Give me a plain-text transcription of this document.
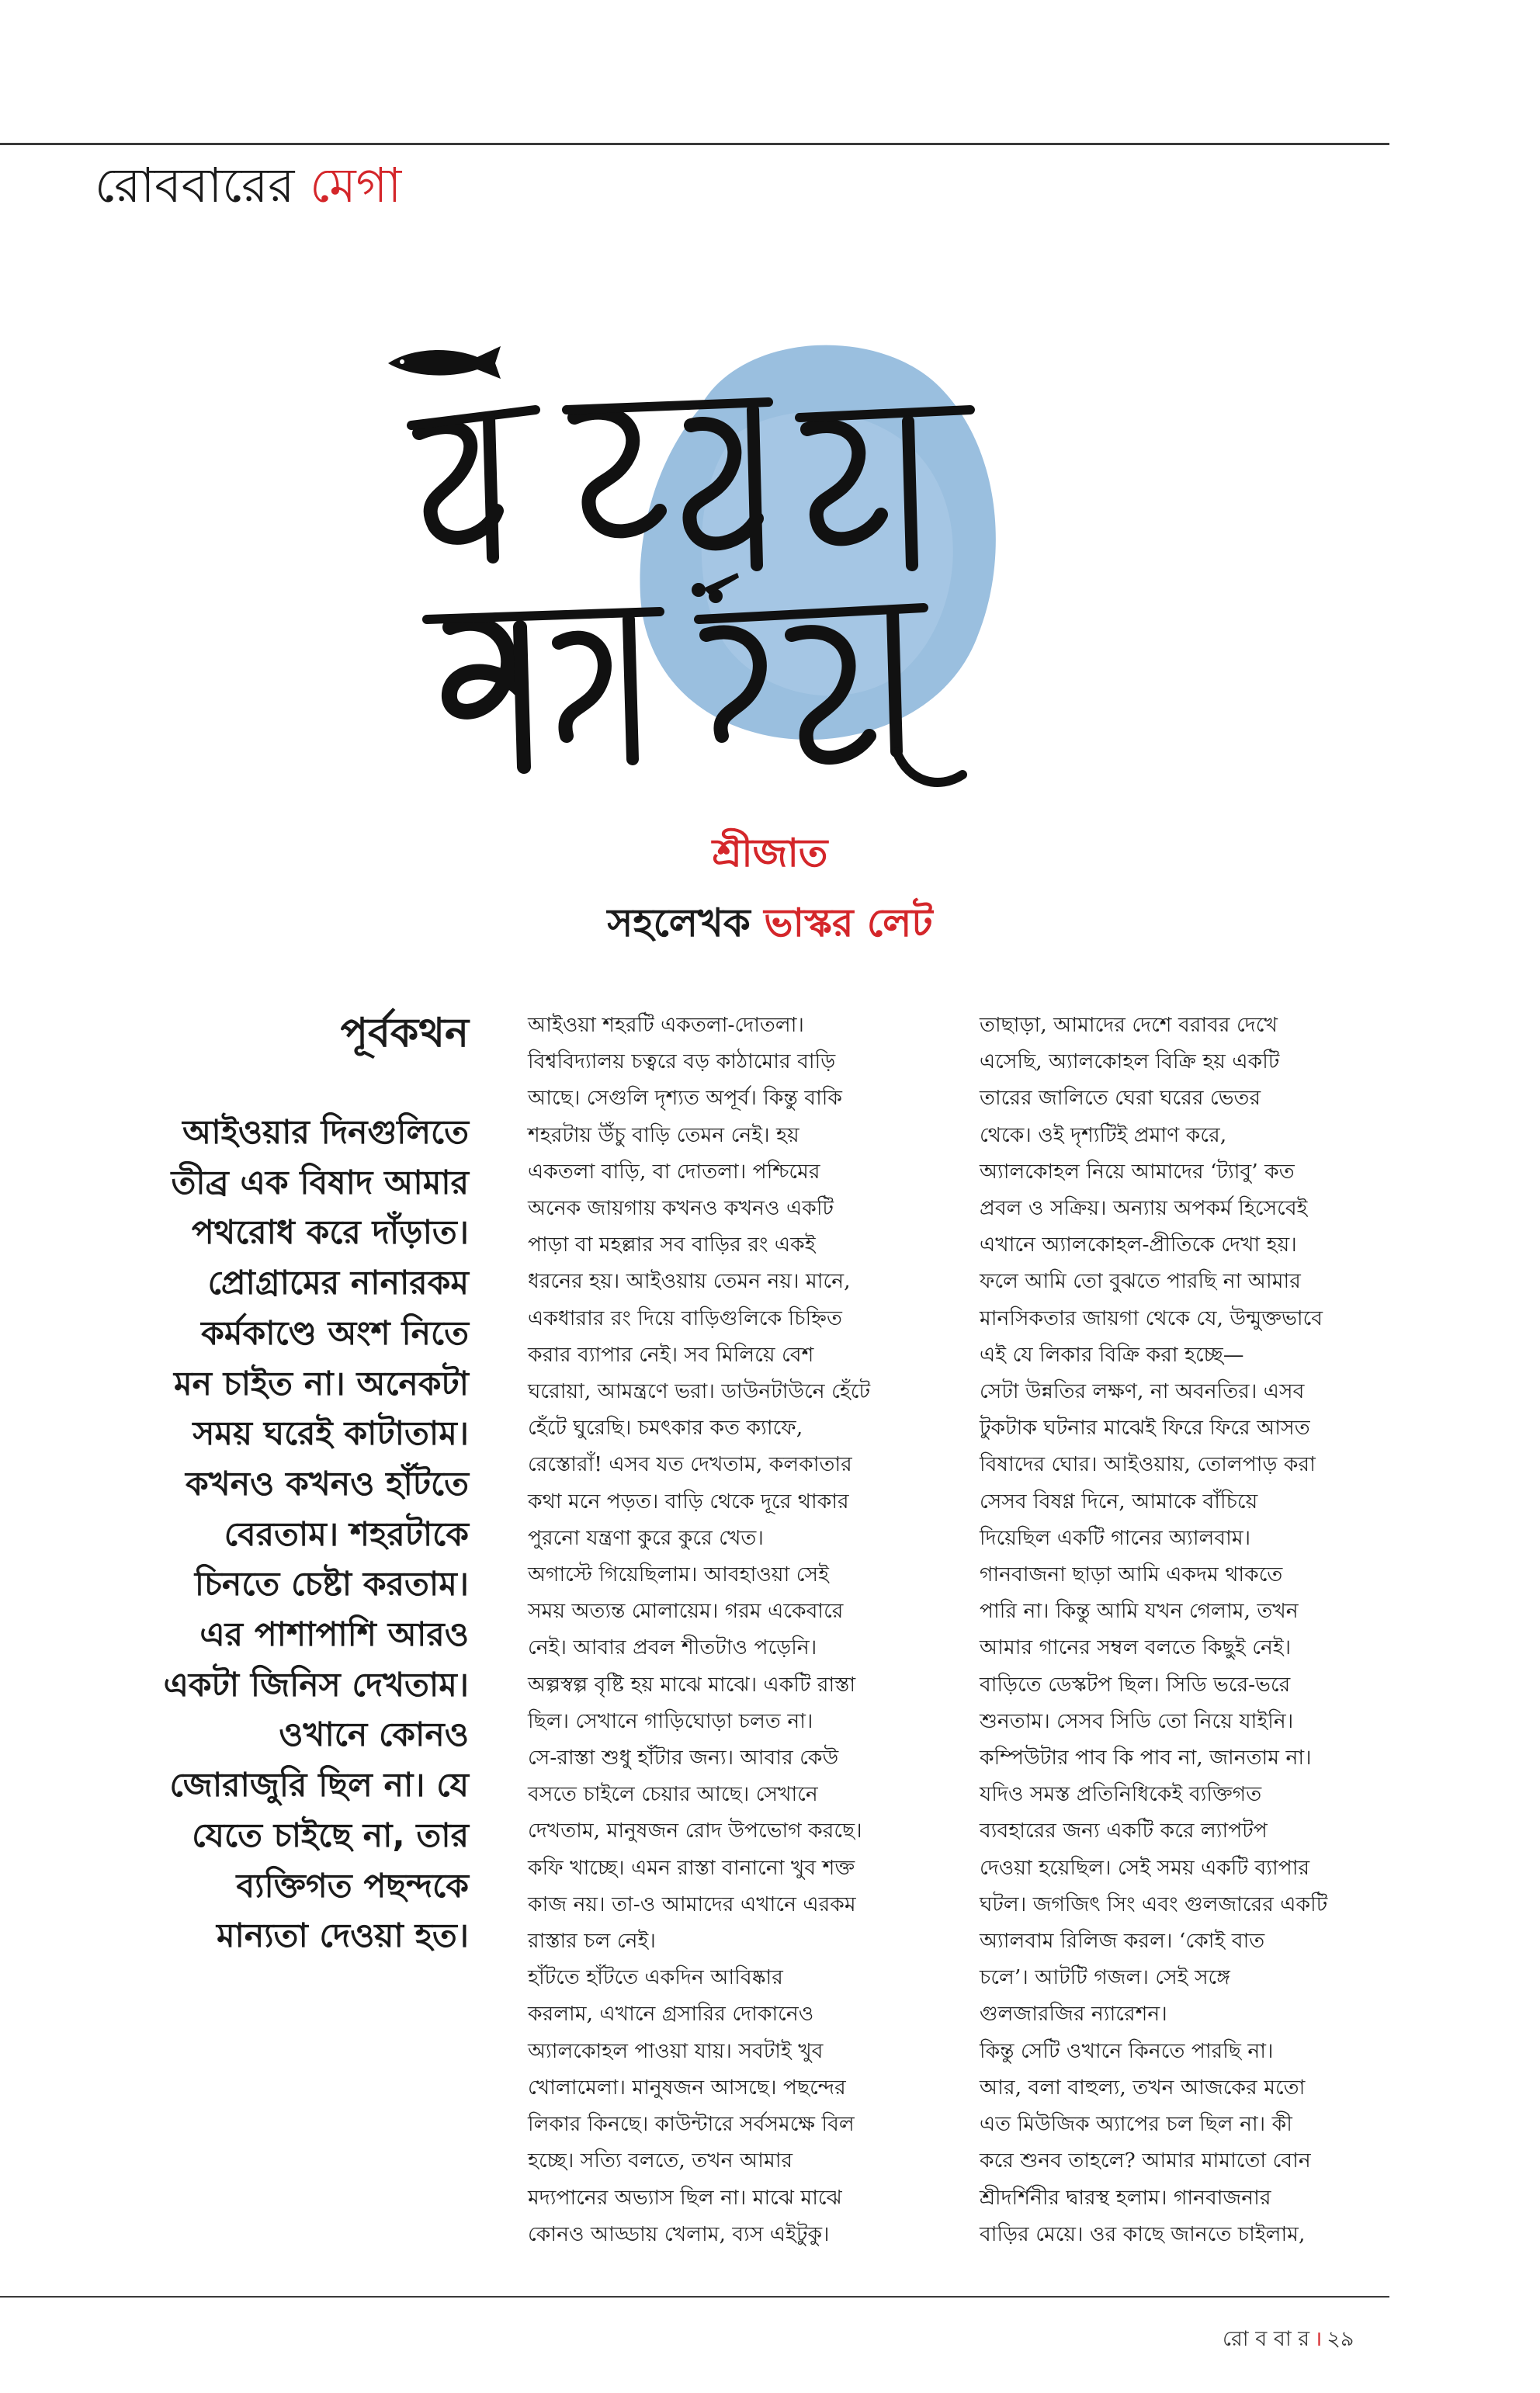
রোববারের মেগা
শ্রীজাত
সহলেখক ভাস্কর লেট
পূর্বকথন
আইওয়ার দিনগুলিতে
তীব্র এক বিষাদ আমার
পথরোধ করে দাঁড়াত।
প্রোগ্রামের নানারকম
কর্মকাণ্ডে অংশ নিতে
মন চাইত না। অনেকটা
সময় ঘরেই কাটাতাম।
কখনও কখনও হাঁটতে
বেরতাম। শহরটাকে
চিনতে চেষ্টা করতাম।
এর পাশাপাশি আরও
একটা জিনিস দেখতাম।
ওখানে কোনও
জোরাজুরি ছিল না। যে
যেতে চাইছে না, তার
ব্যক্তিগত পছন্দকে
মান্যতা দেওয়া হত।
আইওয়া শহরটি একতলা-দোতলা।
বিশ্ববিদ্যালয় চত্বরে বড় কাঠামোর বাড়ি
আছে। সেগুলি দৃশ্যত অপূর্ব। কিন্তু বাকি
শহরটায় উঁচু বাড়ি তেমন নেই। হয়
একতলা বাড়ি, বা দোতলা। পশ্চিমের
অনেক জায়গায় কখনও কখনও একটি
পাড়া বা মহল্লার সব বাড়ির রং একই
ধরনের হয়। আইওয়ায় তেমন নয়। মানে,
একধারার রং দিয়ে বাড়িগুলিকে চিহ্নিত
করার ব্যাপার নেই। সব মিলিয়ে বেশ
ঘরোয়া, আমন্ত্রণে ভরা। ডাউনটাউনে হেঁটে
হেঁটে ঘুরেছি। চমৎকার কত ক্যাফে,
রেস্তোরাঁ! এসব যত দেখতাম, কলকাতার
কথা মনে পড়ত। বাড়ি থেকে দূরে থাকার
পুরনো যন্ত্রণা কুরে কুরে খেত।
অগাস্টে গিয়েছিলাম। আবহাওয়া সেই
সময় অত্যন্ত মোলায়েম। গরম একেবারে
নেই। আবার প্রবল শীতটাও পড়েনি।
অল্পস্বল্প বৃষ্টি হয় মাঝে মাঝে। একটি রাস্তা
ছিল। সেখানে গাড়িঘোড়া চলত না।
সে-রাস্তা শুধু হাঁটার জন্য। আবার কেউ
বসতে চাইলে চেয়ার আছে। সেখানে
দেখতাম, মানুষজন রোদ উপভোগ করছে।
কফি খাচ্ছে। এমন রাস্তা বানানো খুব শক্ত
কাজ নয়। তা-ও আমাদের এখানে এরকম
রাস্তার চল নেই।
হাঁটতে হাঁটতে একদিন আবিষ্কার
করলাম, এখানে গ্রসারির দোকানেও
অ্যালকোহল পাওয়া যায়। সবটাই খুব
খোলামেলা। মানুষজন আসছে। পছন্দের
লিকার কিনছে। কাউন্টারে সর্বসমক্ষে বিল
হচ্ছে। সত্যি বলতে, তখন আমার
মদ্যপানের অভ্যাস ছিল না। মাঝে মাঝে
কোনও আড্ডায় খেলাম, ব্যস এইটুকু।
তাছাড়া, আমাদের দেশে বরাবর দেখে
এসেছি, অ্যালকোহল বিক্রি হয় একটি
তারের জালিতে ঘেরা ঘরের ভেতর
থেকে। ওই দৃশ্যটিই প্রমাণ করে,
অ্যালকোহল নিয়ে আমাদের ‘ট্যাবু’ কত
প্রবল ও সক্রিয়। অন্যায় অপকর্ম হিসেবেই
এখানে অ্যালকোহল-প্রীতিকে দেখা হয়।
ফলে আমি তো বুঝতে পারছি না আমার
মানসিকতার জায়গা থেকে যে, উন্মুক্তভাবে
এই যে লিকার বিক্রি করা হচ্ছে—
সেটা উন্নতির লক্ষণ, না অবনতির। এসব
টুকটাক ঘটনার মাঝেই ফিরে ফিরে আসত
বিষাদের ঘোর। আইওয়ায়, তোলপাড় করা
সেসব বিষণ্ণ দিনে, আমাকে বাঁচিয়ে
দিয়েছিল একটি গানের অ্যালবাম।
গানবাজনা ছাড়া আমি একদম থাকতে
পারি না। কিন্তু আমি যখন গেলাম, তখন
আমার গানের সম্বল বলতে কিছুই নেই।
বাড়িতে ডেস্কটপ ছিল। সিডি ভরে-ভরে
শুনতাম। সেসব সিডি তো নিয়ে যাইনি।
কম্পিউটার পাব কি পাব না, জানতাম না।
যদিও সমস্ত প্রতিনিধিকেই ব্যক্তিগত
ব্যবহারের জন্য একটি করে ল্যাপটপ
দেওয়া হয়েছিল। সেই সময় একটি ব্যাপার
ঘটল। জগজিৎ সিং এবং গুলজারের একটি
অ্যালবাম রিলিজ করল। ‘কোই বাত
চলে’। আটটি গজল। সেই সঙ্গে
গুলজারজির ন্যারেশন।
কিন্তু সেটি ওখানে কিনতে পারছি না।
আর, বলা বাহুল্য, তখন আজকের মতো
এত মিউজিক অ্যাপের চল ছিল না। কী
করে শুনব তাহলে? আমার মামাতো বোন
শ্রীদর্শিনীর দ্বারস্থ হলাম। গানবাজনার
বাড়ির মেয়ে। ওর কাছে জানতে চাইলাম,
রো ব বা র । ২৯
